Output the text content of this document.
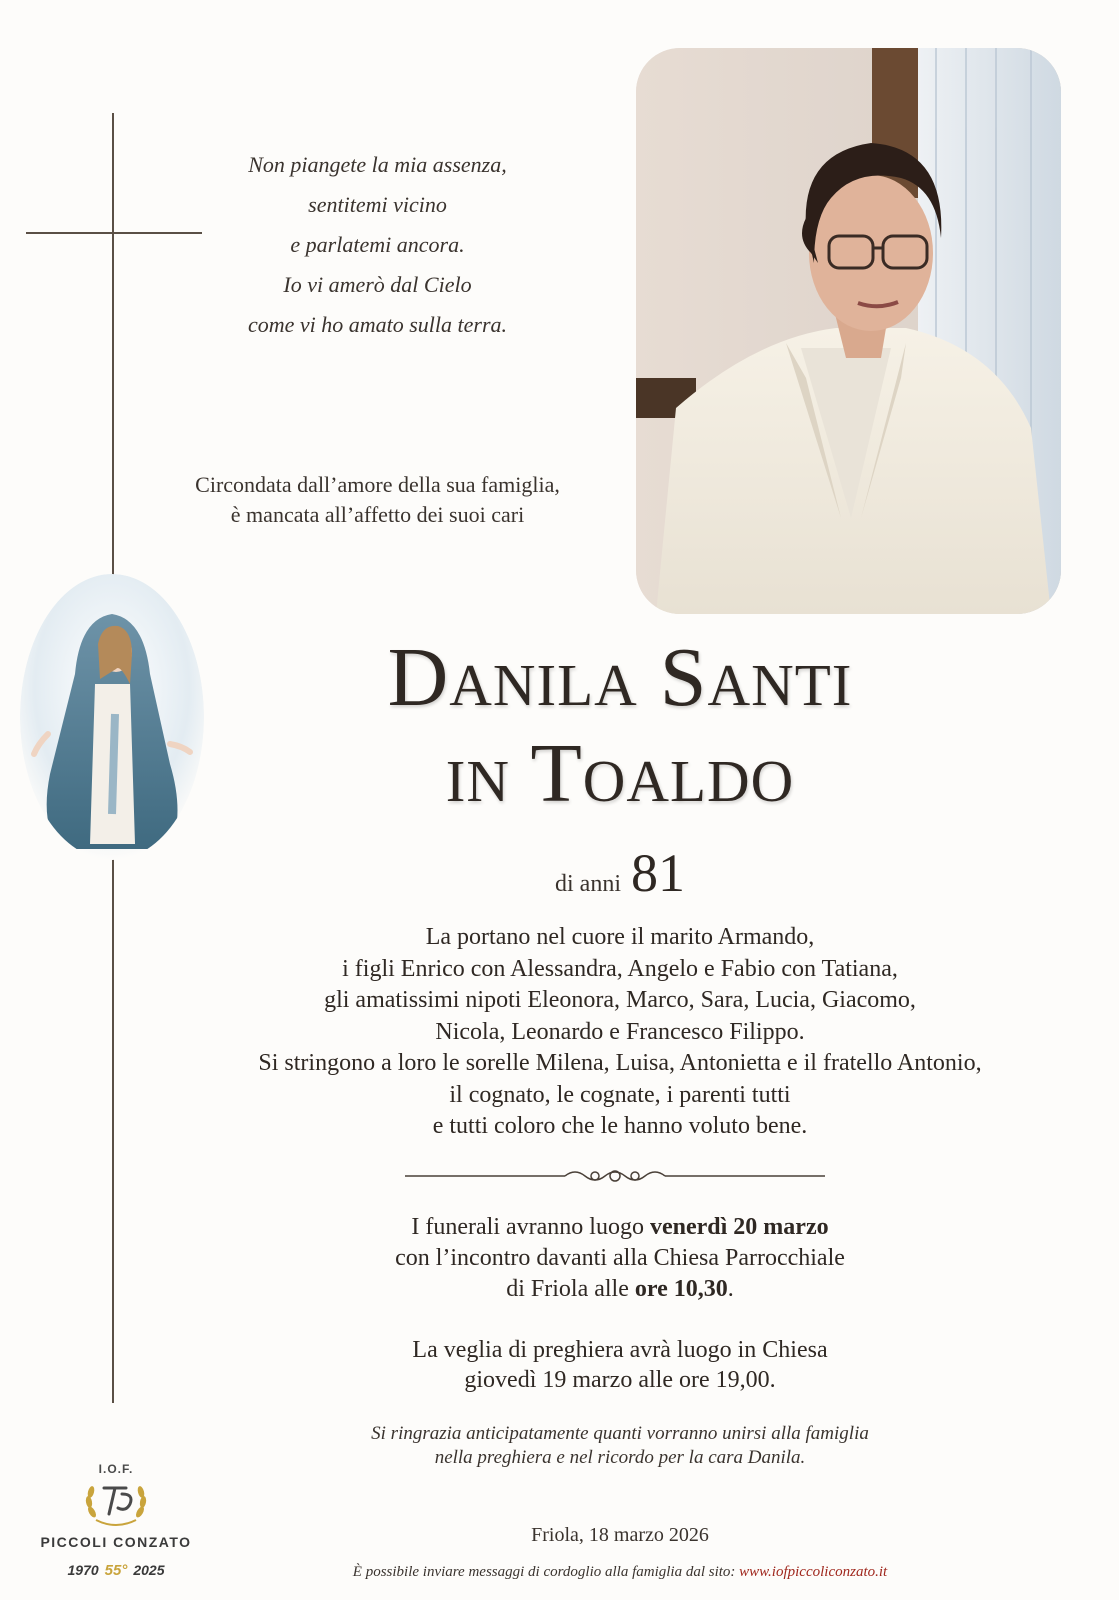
Non piangete la mia assenza,
sentitemi vicino
e parlatemi ancora.
Io vi amerò dal Cielo
come vi ho amato sulla terra.
Circondata dall’amore della sua famiglia,
è mancata all’affetto dei suoi cari
Danila Santi
in Toaldo
di anni 81
La portano nel cuore il marito Armando,
i figli Enrico con Alessandra, Angelo e Fabio con Tatiana,
gli amatissimi nipoti Eleonora, Marco, Sara, Lucia, Giacomo,
Nicola, Leonardo e Francesco Filippo.
Si stringono a loro le sorelle Milena, Luisa, Antonietta e il fratello Antonio,
il cognato, le cognate, i parenti tutti
e tutti coloro che le hanno voluto bene.
I funerali avranno luogo venerdì 20 marzo
con l’incontro davanti alla Chiesa Parrocchiale
di Friola alle ore 10,30.
La veglia di preghiera avrà luogo in Chiesa
giovedì 19 marzo alle ore 19,00.
Si ringrazia anticipatamente quanti vorranno unirsi alla famiglia
nella preghiera e nel ricordo per la cara Danila.
Friola, 18 marzo 2026
È possibile inviare messaggi di cordoglio alla famiglia dal sito: www.iofpiccoliconzato.it
I.O.F.
PICCOLI CONZATO
1970 55° 2025
